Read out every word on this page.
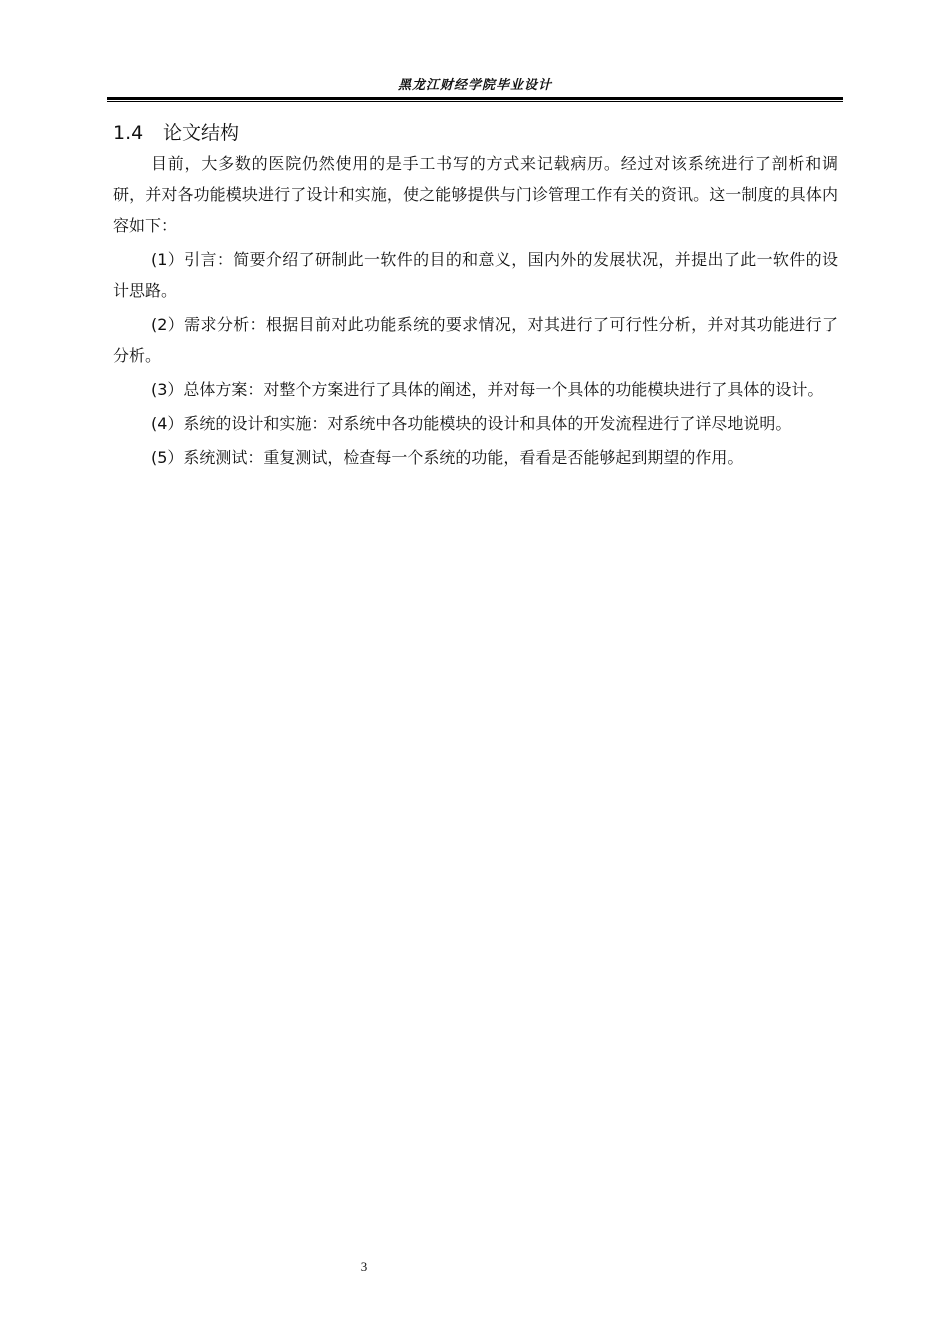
黑龙江财经学院毕业设计
1.4 论文结构

目前，大多数的医院仍然使用的是手工书写的方式来记载病历。经过对该系统进行了剖析和调研，并对各功能模块进行了设计和实施，使之能够提供与门诊管理工作有关的资讯。这一制度的具体内容如下：

(1）引言：简要介绍了研制此一软件的目的和意义，国内外的发展状况，并提出了此一软件的设计思路。

(2）需求分析：根据目前对此功能系统的要求情况，对其进行了可行性分析，并对其功能进行了分析。

(3）总体方案：对整个方案进行了具体的阐述，并对每一个具体的功能模块进行了具体的设计。

(4）系统的设计和实施：对系统中各功能模块的设计和具体的开发流程进行了详尽地说明。

(5）系统测试：重复测试，检查每一个系统的功能，看看是否能够起到期望的作用。

3
